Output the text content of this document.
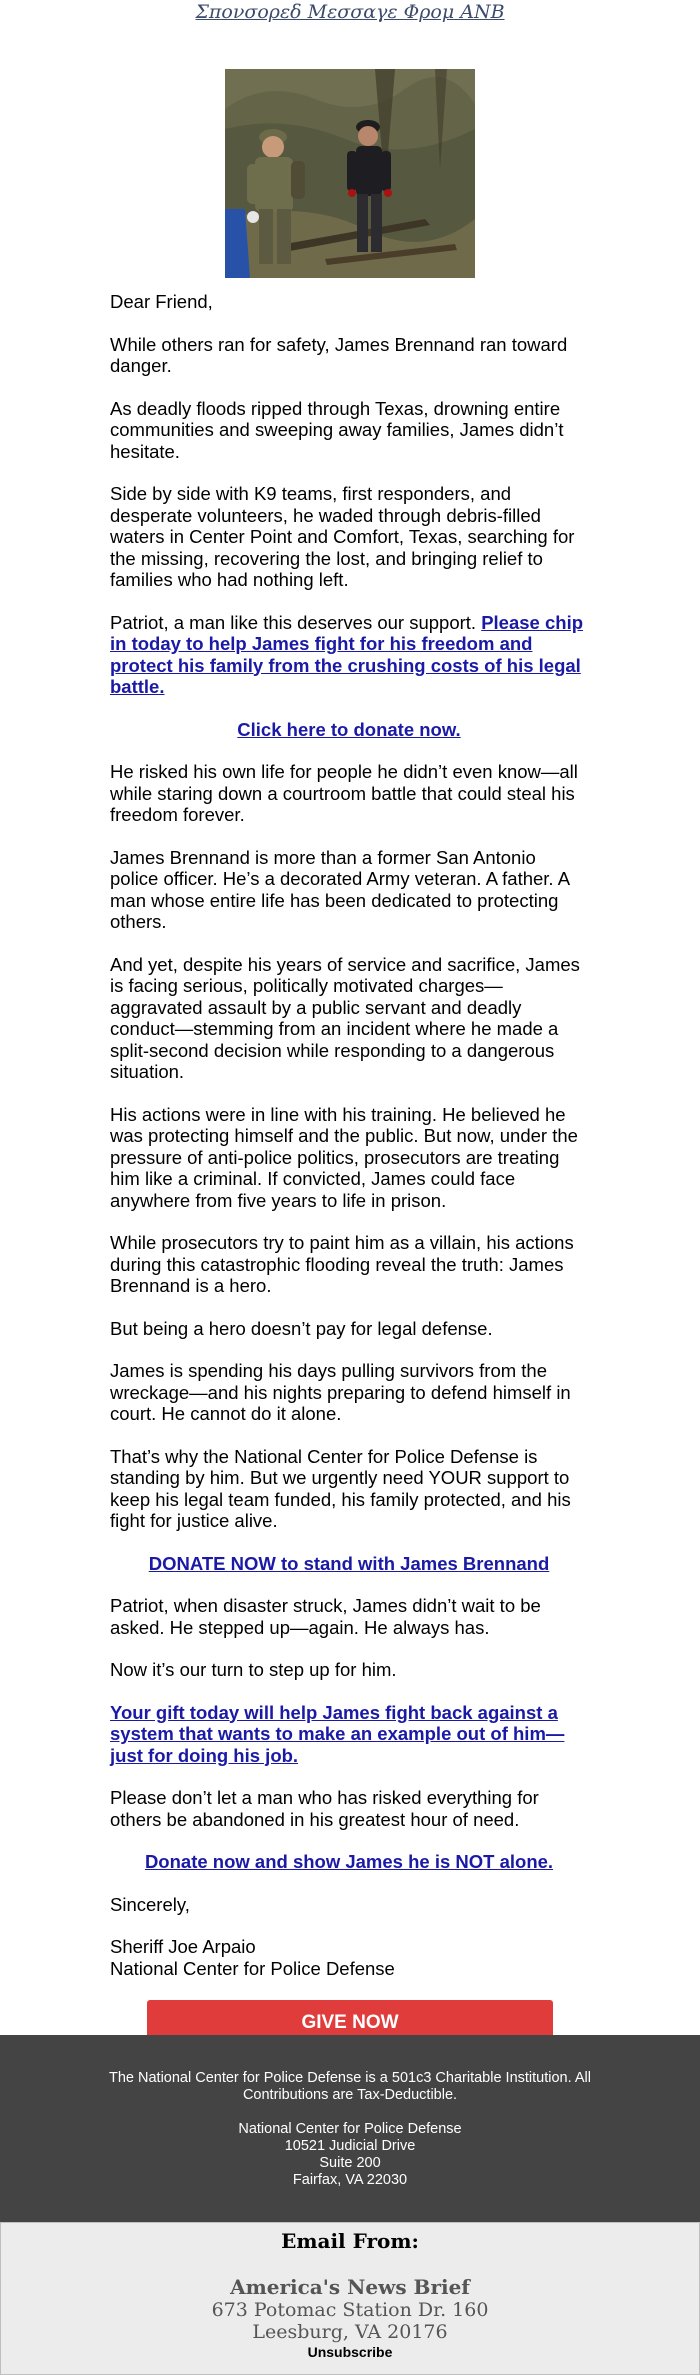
Σπονσορεδ Μεσσαγε Φρομ ΑΝΒ

Dear Friend,

While others ran for safety, James Brennand ran toward danger.

As deadly floods ripped through Texas, drowning entire communities and sweeping away families, James didn’t hesitate.

Side by side with K9 teams, first responders, and desperate volunteers, he waded through debris-filled waters in Center Point and Comfort, Texas, searching for the missing, recovering the lost, and bringing relief to families who had nothing left.

Patriot, a man like this deserves our support. Please chip in today to help James fight for his freedom and protect his family from the crushing costs of his legal battle.

Click here to donate now.

He risked his own life for people he didn’t even know—all while staring down a courtroom battle that could steal his freedom forever.

James Brennand is more than a former San Antonio police officer. He’s a decorated Army veteran. A father. A man whose entire life has been dedicated to protecting others.

And yet, despite his years of service and sacrifice, James is facing serious, politically motivated charges—aggravated assault by a public servant and deadly conduct—stemming from an incident where he made a split-second decision while responding to a dangerous situation.

His actions were in line with his training. He believed he was protecting himself and the public. But now, under the pressure of anti-police politics, prosecutors are treating him like a criminal. If convicted, James could face anywhere from five years to life in prison.

While prosecutors try to paint him as a villain, his actions during this catastrophic flooding reveal the truth: James Brennand is a hero.

But being a hero doesn’t pay for legal defense.

James is spending his days pulling survivors from the wreckage—and his nights preparing to defend himself in court. He cannot do it alone.

That’s why the National Center for Police Defense is standing by him. But we urgently need YOUR support to keep his legal team funded, his family protected, and his fight for justice alive.

DONATE NOW to stand with James Brennand

Patriot, when disaster struck, James didn’t wait to be asked. He stepped up—again. He always has.

Now it’s our turn to step up for him.

Your gift today will help James fight back against a system that wants to make an example out of him—just for doing his job.

Please don’t let a man who has risked everything for others be abandoned in his greatest hour of need.

Donate now and show James he is NOT alone.

Sincerely,

Sheriff Joe Arpaio
National Center for Police Defense

GIVE NOW

The National Center for Police Defense is a 501c3 Charitable Institution. All Contributions are Tax-Deductible.

National Center for Police Defense
10521 Judicial Drive
Suite 200
Fairfax, VA 22030

Email From:
America's News Brief
673 Potomac Station Dr. 160
Leesburg, VA 20176
Unsubscribe
